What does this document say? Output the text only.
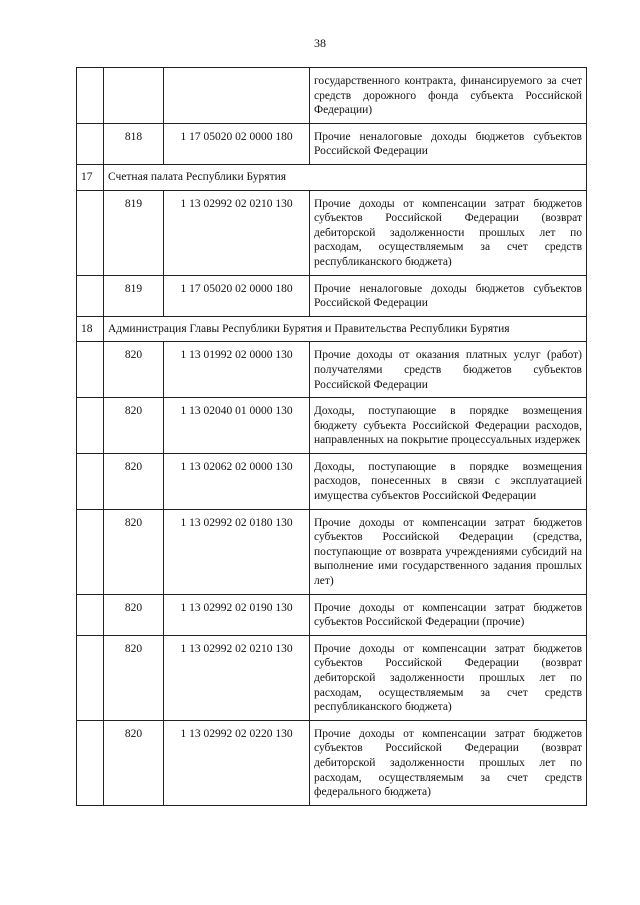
38
			государственного контракта, финансируемого за счет средств дорожного фонда субъекта Российской Федерации)
	818	1 17 05020 02 0000 180	Прочие неналоговые доходы бюджетов субъектов Российской Федерации
17	Счетная палата Республики Бурятия		
	819	1 13 02992 02 0210 130	Прочие доходы от компенсации затрат бюджетов субъектов Российской Федерации (возврат дебиторской задолженности прошлых лет по расходам, осуществляемым за счет средств республиканского бюджета)
	819	1 17 05020 02 0000 180	Прочие неналоговые доходы бюджетов субъектов Российской Федерации
18	Администрация Главы Республики Бурятия и Правительства Республики Бурятия		
	820	1 13 01992 02 0000 130	Прочие доходы от оказания платных услуг (работ) получателями средств бюджетов субъектов Российской Федерации
	820	1 13 02040 01 0000 130	Доходы, поступающие в порядке возмещения бюджету субъекта Российской Федерации расходов, направленных на покрытие процессуальных издержек
	820	1 13 02062 02 0000 130	Доходы, поступающие в порядке возмещения расходов, понесенных в связи с эксплуатацией имущества субъектов Российской Федерации
	820	1 13 02992 02 0180 130	Прочие доходы от компенсации затрат бюджетов субъектов Российской Федерации (средства, поступающие от возврата учреждениями субсидий на выполнение ими государственного задания прошлых лет)
	820	1 13 02992 02 0190 130	Прочие доходы от компенсации затрат бюджетов субъектов Российской Федерации (прочие)
	820	1 13 02992 02 0210 130	Прочие доходы от компенсации затрат бюджетов субъектов Российской Федерации (возврат дебиторской задолженности прошлых лет по расходам, осуществляемым за счет средств республиканского бюджета)
	820	1 13 02992 02 0220 130	Прочие доходы от компенсации затрат бюджетов субъектов Российской Федерации (возврат дебиторской задолженности прошлых лет по расходам, осуществляемым за счет средств федерального бюджета)
